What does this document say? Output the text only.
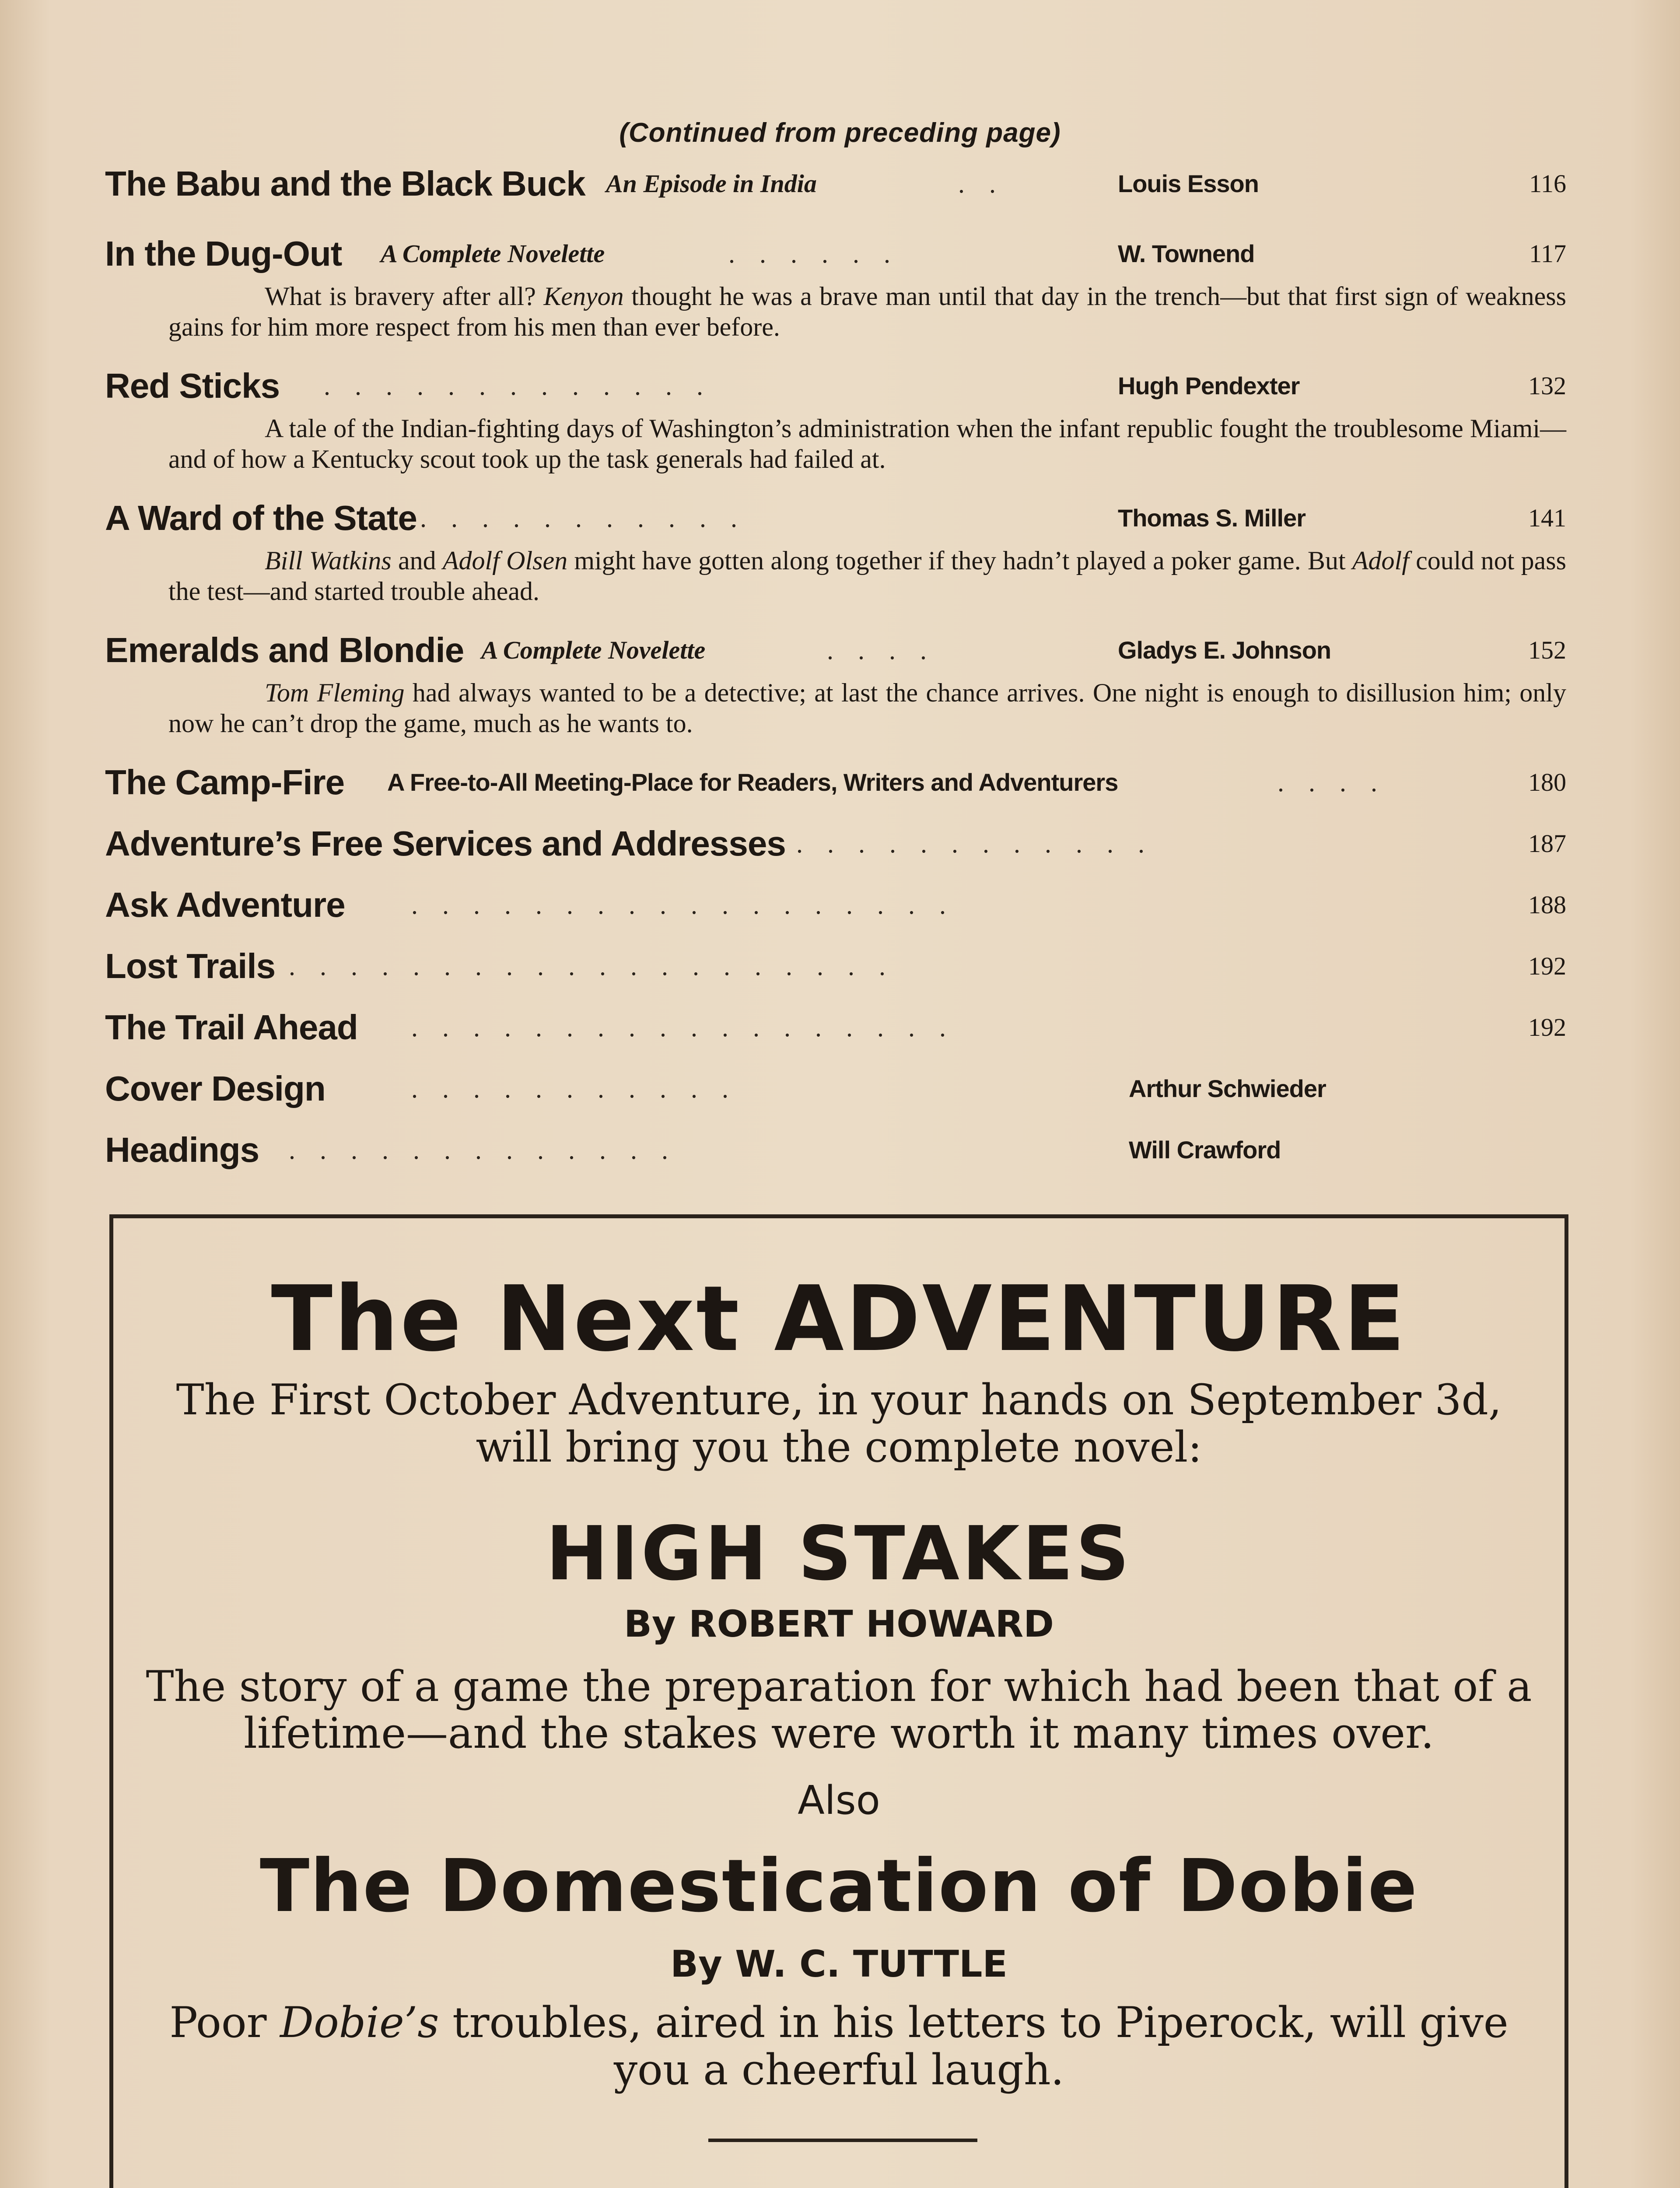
(Continued from preceding page)
The Babu and the Black Buck An Episode in India	..	Louis Esson	116
In the Dug-Out A Complete Novelette	......	W. Townend	117
What is bravery after all? Kenyon thought he was a brave man until that day in the trench—but that first sign of weakness gains for him more respect from his men than ever before.
Red Sticks .............	Hugh Pendexter	132
A tale of the Indian-fighting days of Washington’s administration when the infant republic fought the troublesome Miami—and of how a Kentucky scout took up the task generals had failed at.
A Ward of the State ...........	Thomas S. Miller	141
Bill Watkins and Adolf Olsen might have gotten along together if they hadn’t played a poker game. But Adolf could not pass the test—and started trouble ahead.
Emeralds and Blondie A Complete Novelette	....	Gladys E. Johnson	152
Tom Fleming had always wanted to be a detective; at last the chance arrives. One night is enough to disillusion him; only now he can’t drop the game, much as he wants to.
The Camp-Fire A Free-to-All Meeting-Place for Readers, Writers and Adventurers	....	180
Adventure’s Free Services and Addresses ............	187
Ask Adventure	..................	188
Lost Trails ....................	192
The Trail Ahead ..................	192
Cover Design	...........	Arthur Schwieder
Headings .............	Will Crawford
The Next ADVENTURE
The First October Adventure, in your hands on September 3d,
will bring you the complete novel:
HIGH STAKES
By ROBERT HOWARD
The story of a game the preparation for which had been that of a
lifetime—and the stakes were worth it many times over.
Also
The Domestication of Dobie
By W. C. TUTTLE
Poor Dobie’s troubles, aired in his letters to Piperock, will give
you a cheerful laugh.
